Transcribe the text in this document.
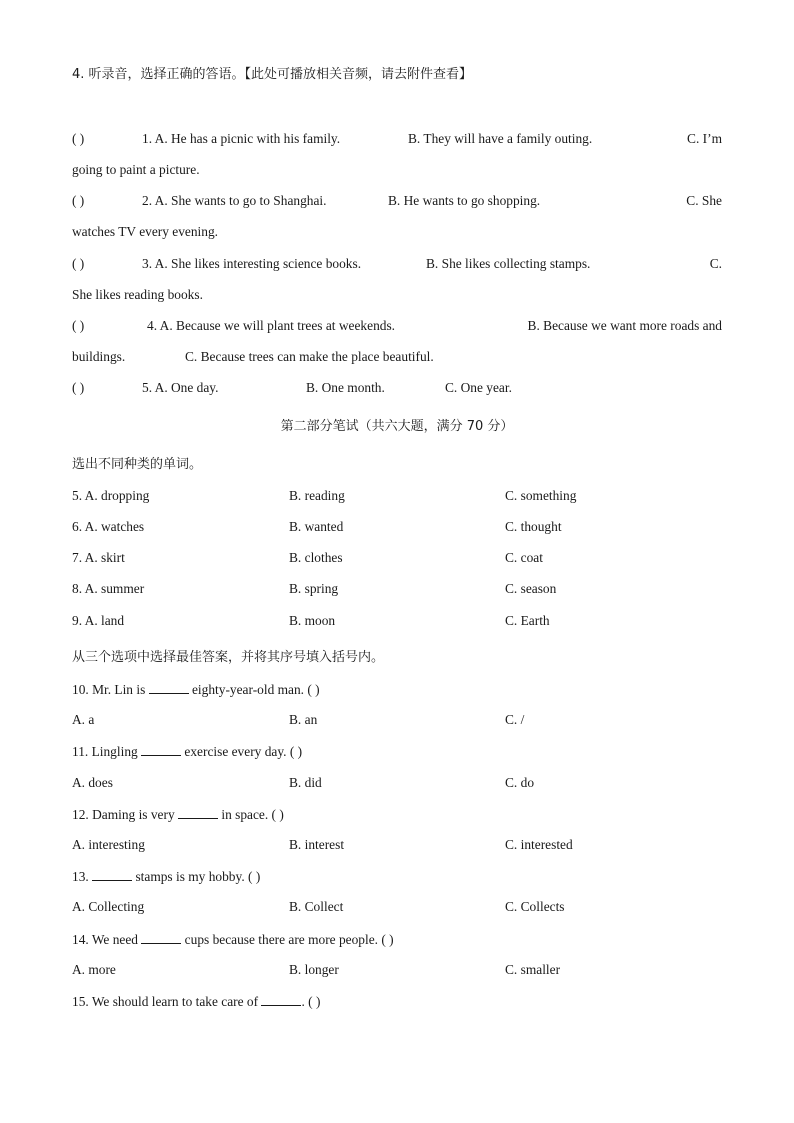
4. 听录音，选择正确的答语。【此处可播放相关音频，请去附件查看】
( )	1. A. He has a picnic with his family.	B. They will have a family outing.	C. I’m
going to paint a picture.
( )	2. A. She wants to go to Shanghai.	B. He wants to go shopping.	C. She
watches TV every evening.
( )	3. A. She likes interesting science books.	B. She likes collecting stamps.	C.
She likes reading books.
( )	4. A. Because we will plant trees at weekends.	B. Because we want more roads and
buildings.	C. Because trees can make the place beautiful.
( )	5. A. One day.	B. One month.	C. One year.
第二部分笔试（共六大题，满分 70 分）
选出不同种类的单词。
5. A. dropping	B. reading	C. something
6. A. watches	B. wanted	C. thought
7. A. skirt	B. clothes	C. coat
8. A. summer	B. spring	C. season
9. A. land	B. moon	C. Earth
从三个选项中选择最佳答案，并将其序号填入括号内。
10. Mr. Lin is	eighty-year-old man. ( )
A. a	B. an	C. /
11. Lingling	exercise every day. ( )
A. does	B. did	C. do
12. Daming is very	in space. ( )
A. interesting	B. interest	C. interested
13.	stamps is my hobby. ( )
A. Collecting	B. Collect	C. Collects
14. We need	cups because there are more people. ( )
A. more	B. longer	C. smaller
15. We should learn to take care of	. ( )
